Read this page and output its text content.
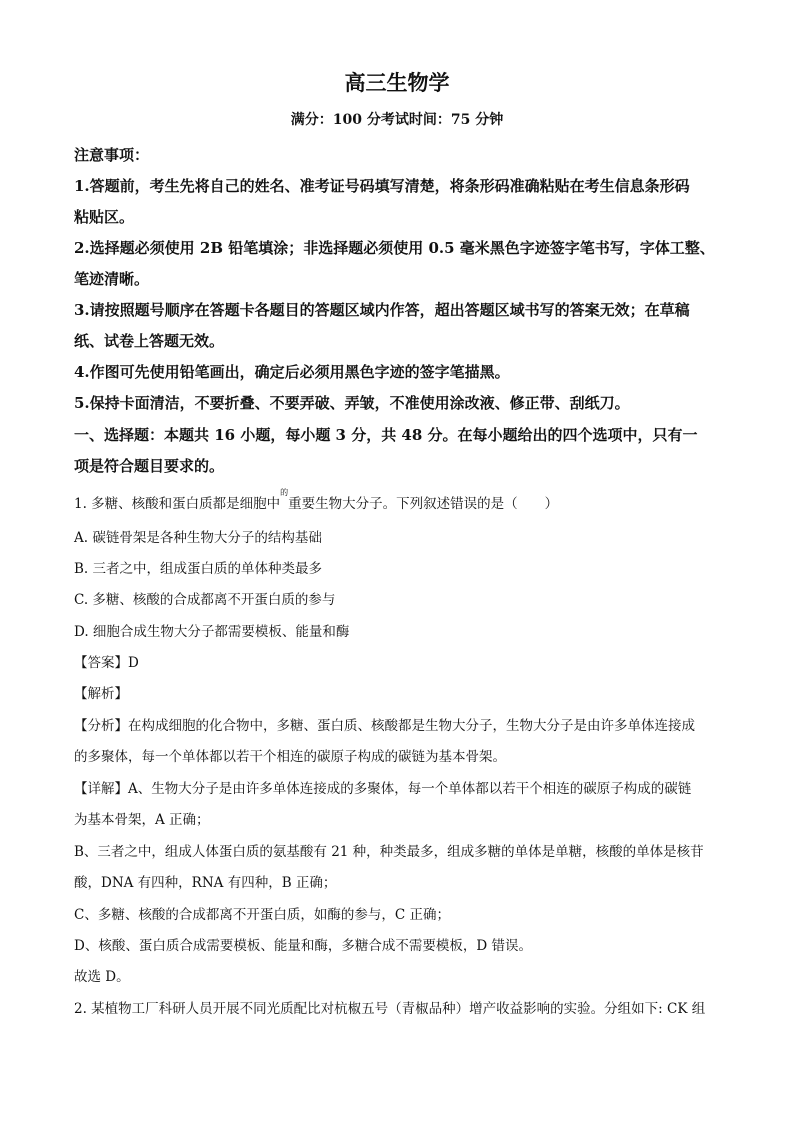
高三生物学
满分：100 分考试时间：75 分钟
注意事项：
1.答题前，考生先将自己的姓名、准考证号码填写清楚，将条形码准确粘贴在考生信息条形码
粘贴区。
2.选择题必须使用 2B 铅笔填涂；非选择题必须使用 0.5 毫米黑色字迹签字笔书写，字体工整、
笔迹清晰。
3.请按照题号顺序在答题卡各题目的答题区域内作答，超出答题区域书写的答案无效；在草稿
纸、试卷上答题无效。
4.作图可先使用铅笔画出，确定后必须用黑色字迹的签字笔描黑。
5.保持卡面清洁，不要折叠、不要弄破、弄皱，不准使用涂改液、修正带、刮纸刀。
一、选择题：本题共 16 小题，每小题 3 分，共 48 分。在每小题给出的四个选项中，只有一
项是符合题目要求的。
1. 多糖、核酸和蛋白质都是细胞中$^的$重要生物大分子。下列叙述错误的是（　　）
A. 碳链骨架是各种生物大分子的结构基础
B. 三者之中，组成蛋白质的单体种类最多
C. 多糖、核酸的合成都离不开蛋白质的参与
D. 细胞合成生物大分子都需要模板、能量和酶
【答案】D
【解析】
【分析】在构成细胞的化合物中，多糖、蛋白质、核酸都是生物大分子，生物大分子是由许多单体连接成
的多聚体，每一个单体都以若干个相连的碳原子构成的碳链为基本骨架。
【详解】A、生物大分子是由许多单体连接成的多聚体，每一个单体都以若干个相连的碳原子构成的碳链
为基本骨架，A 正确；
B、三者之中，组成人体蛋白质的氨基酸有 21 种，种类最多，组成多糖的单体是单糖，核酸的单体是核苷
酸，DNA 有四种，RNA 有四种，B 正确；
C、多糖、核酸的合成都离不开蛋白质，如酶的参与，C 正确；
D、核酸、蛋白质合成需要模板、能量和酶，多糖合成不需要模板，D 错误。
故选 D。
2. 某植物工厂科研人员开展不同光质配比对杭椒五号（青椒品种）增产收益影响的实验。分组如下: CK 组
